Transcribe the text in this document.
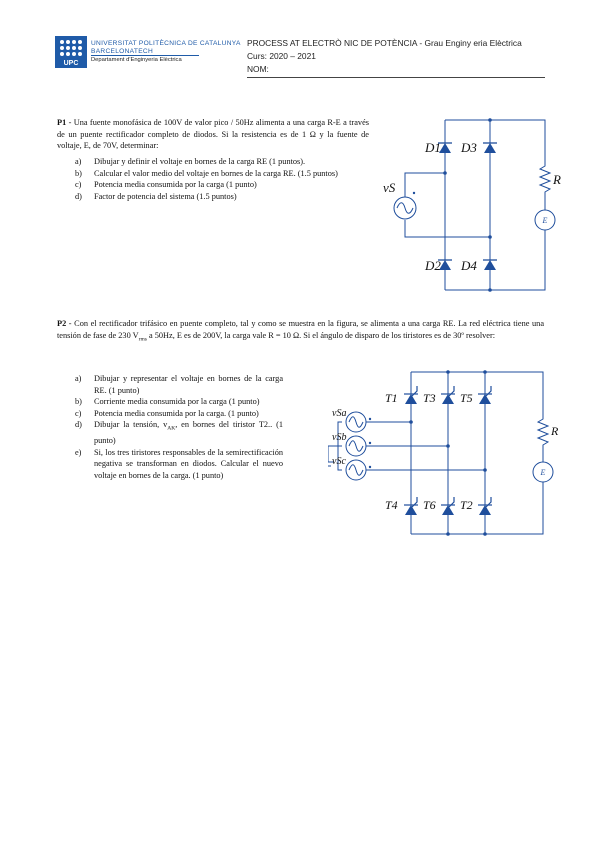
UPC
UNIVERSITAT POLITÈCNICA DE CATALUNYA
BARCELONATECH
Departament d'Enginyeria Elèctrica
PROCESS AT ELECTRÒ NIC DE POTÈNCIA - Grau Enginy eria Elèctrica
Curs: 2020 – 2021
NOM:
P1 - Una fuente monofásica de 100V de valor pico / 50Hz alimenta a una carga R-E a través de un puente rectificador completo de diodos. Si la resistencia es de 1 Ω y la fuente de voltaje, E, de 70V, determinar:
a) Dibujar y definir el voltaje en bornes de la carga RE (1 puntos).
b) Calcular el valor medio del voltaje en bornes de la carga RE. (1.5 puntos)
c) Potencia media consumida por la carga (1 punto)
d) Factor de potencia del sistema (1.5 puntos)
E
D1 D3
D2 D4
vS
R
P2 - Con el rectificador trifásico en puente completo, tal y como se muestra en la figura, se alimenta a una carga RE. La red eléctrica tiene una tensión de fase de 230 $V_{rms}$ a 50Hz, E es de 200V, la carga vale R = 10 Ω. Si el ángulo de disparo de los tiristores es de 30º resolver:
a) Dibujar y representar el voltaje en bornes de la carga RE. (1 punto)
b) Corriente media consumida por la carga (1 punto)
c) Potencia media consumida por la carga. (1 punto)
d) Dibujar la tensión, $v_{AK}$, en bornes del tiristor T2.. (1 punto)
e) Si, los tres tiristores responsables de la semirectificación negativa se transforman en diodos. Calcular el nuevo voltaje en bornes de la carga. (1 punto)	E
T1 T3 T5
T4 T6 T2
vSa
vSb
vSc
R
